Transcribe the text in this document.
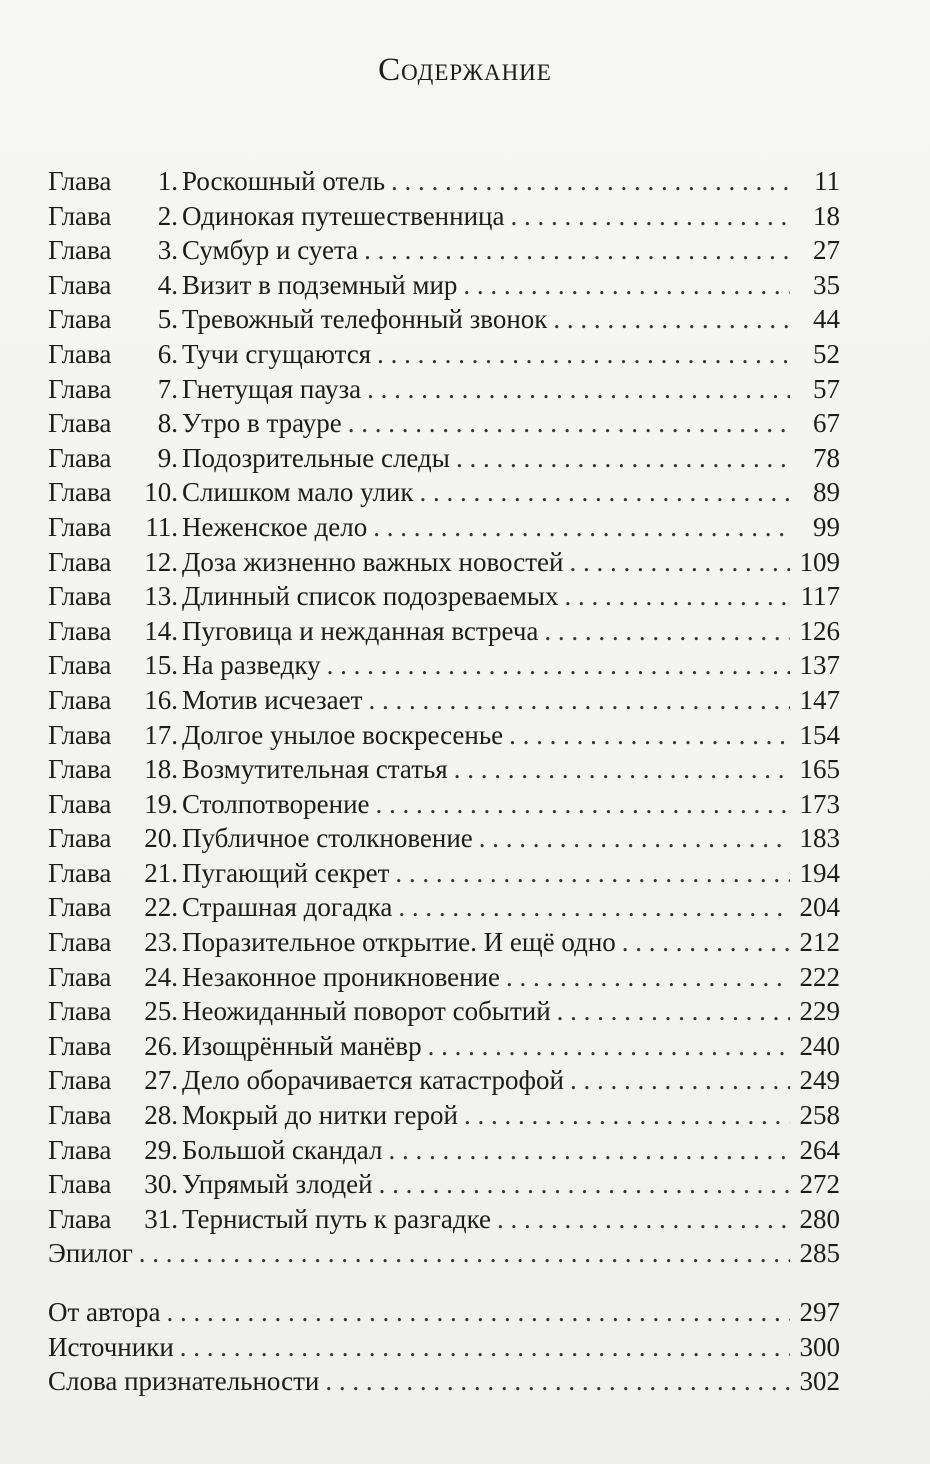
Содержание
Глава 1. Роскошный отель . . .	11
Глава 2. Одинокая путешественница . . .	18
Глава 3. Сумбур и суета . . .	27
Глава 4. Визит в подземный мир . . .	35
Глава 5. Тревожный телефонный звонок . . .	44
Глава 6. Тучи сгущаются . . .	52
Глава 7. Гнетущая пауза . . .	57
Глава 8. Утро в трауре . . .	67
Глава 9. Подозрительные следы . . .	78
Глава 10. Слишком мало улик . . .	89
Глава 11. Неженское дело . . .	99
Глава 12. Доза жизненно важных новостей . . .	109
Глава 13. Длинный список подозреваемых . . .	117
Глава 14. Пуговица и нежданная встреча . . .	126
Глава 15. На разведку . . .	137
Глава 16. Мотив исчезает . . .	147
Глава 17. Долгое унылое воскресенье . . .	154
Глава 18. Возмутительная статья . . .	165
Глава 19. Столпотворение . . .	173
Глава 20. Публичное столкновение . . .	183
Глава 21. Пугающий секрет . . .	194
Глава 22. Страшная догадка . . .	204
Глава 23. Поразительное открытие. И ещё одно . . .	212
Глава 24. Незаконное проникновение . . .	222
Глава 25. Неожиданный поворот событий . . .	229
Глава 26. Изощрённый манёвр . . .	240
Глава 27. Дело оборачивается катастрофой . . .	249
Глава 28. Мокрый до нитки герой . . .	258
Глава 29. Большой скандал . . .	264
Глава 30. Упрямый злодей . . .	272
Глава 31. Тернистый путь к разгадке . . .	280
Эпилог . . .	285
От автора . . .	297
Источники . . .	300
Слова признательности . . .	302
